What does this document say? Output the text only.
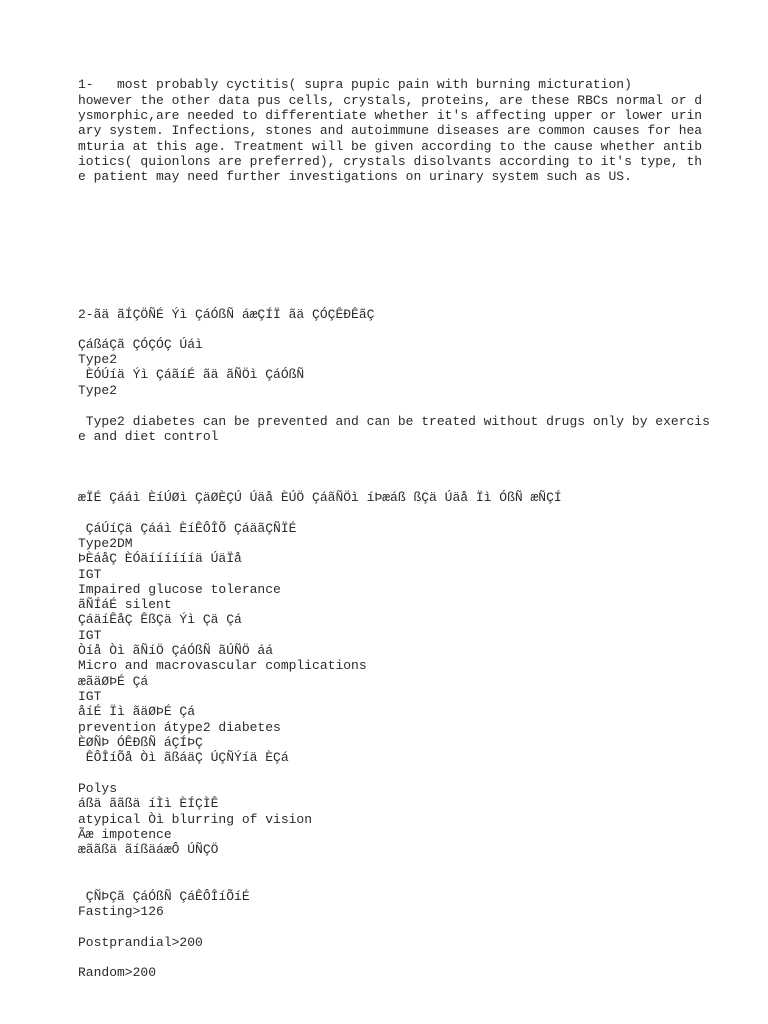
1-   most probably cyctitis( supra pupic pain with burning micturation)

however the other data pus cells, crystals, proteins, are these RBCs normal or d

ysmorphic,are needed to differentiate whether it's affecting upper or lower urin

ary system. Infections, stones and autoimmune diseases are common causes for hea

mturia at this age. Treatment will be given according to the cause whether antib

iotics( quionlons are preferred), crystals disolvants according to it's type, th

e patient may need further investigations on urinary system such as US.

2-ãä ãÍÇÖÑÉ Ýì ÇáÓßÑ áæÇÍÏ ãä ÇÓÇÊÐÊãÇ

ÇáßáÇã ÇÓÇÓÇ Úáì

Type2

ÈÓÚíä Ýì ÇáãíÉ ãä ãÑÖì ÇáÓßÑ

Type2

Type2 diabetes can be prevented and can be treated without drugs only by exercis

e and diet control

æÏÉ Çááì ÈíÚØì ÇäØÈÇÚ Úäå ÈÚÖ ÇáãÑÖì íÞæáß ßÇä Úäå Ïì ÓßÑ æÑÇÍ

ÇáÚíÇä Çááì ÈíÊÔÎÕ ÇáäãÇÑÏÉ

Type2DM

ÞÈáåÇ ÈÓäííííííä ÚäÏå

IGT

Impaired glucose tolerance

ãÑÍáÉ silent

ÇáäíÊåÇ ÊßÇä Ýì Çä Çá

IGT

Òíå Òì ãÑíÖ ÇáÓßÑ ãÚÑÖ áá

Micro and macrovascular complications

æãäØÞÉ Çá

IGT

åíÉ Ïì ãäØÞÉ Çá

prevention átype2 diabetes

ÈØÑÞ ÓÊÐßÑ áÇÍÞÇ

ÊÔÎíÕå Òì ãßáäÇ ÚÇÑÝíä ÈÇá

Polys

áßä ããßä íÌì ÈÍÇÌÊ

atypical Òì blurring of vision

Ãæ impotence

æããßä ãíßäáæÔ ÚÑÇÖ

ÇÑÞÇã ÇáÓßÑ ÇáÊÔÎíÕíÉ

Fasting>126

Postprandial>200

Random>200
